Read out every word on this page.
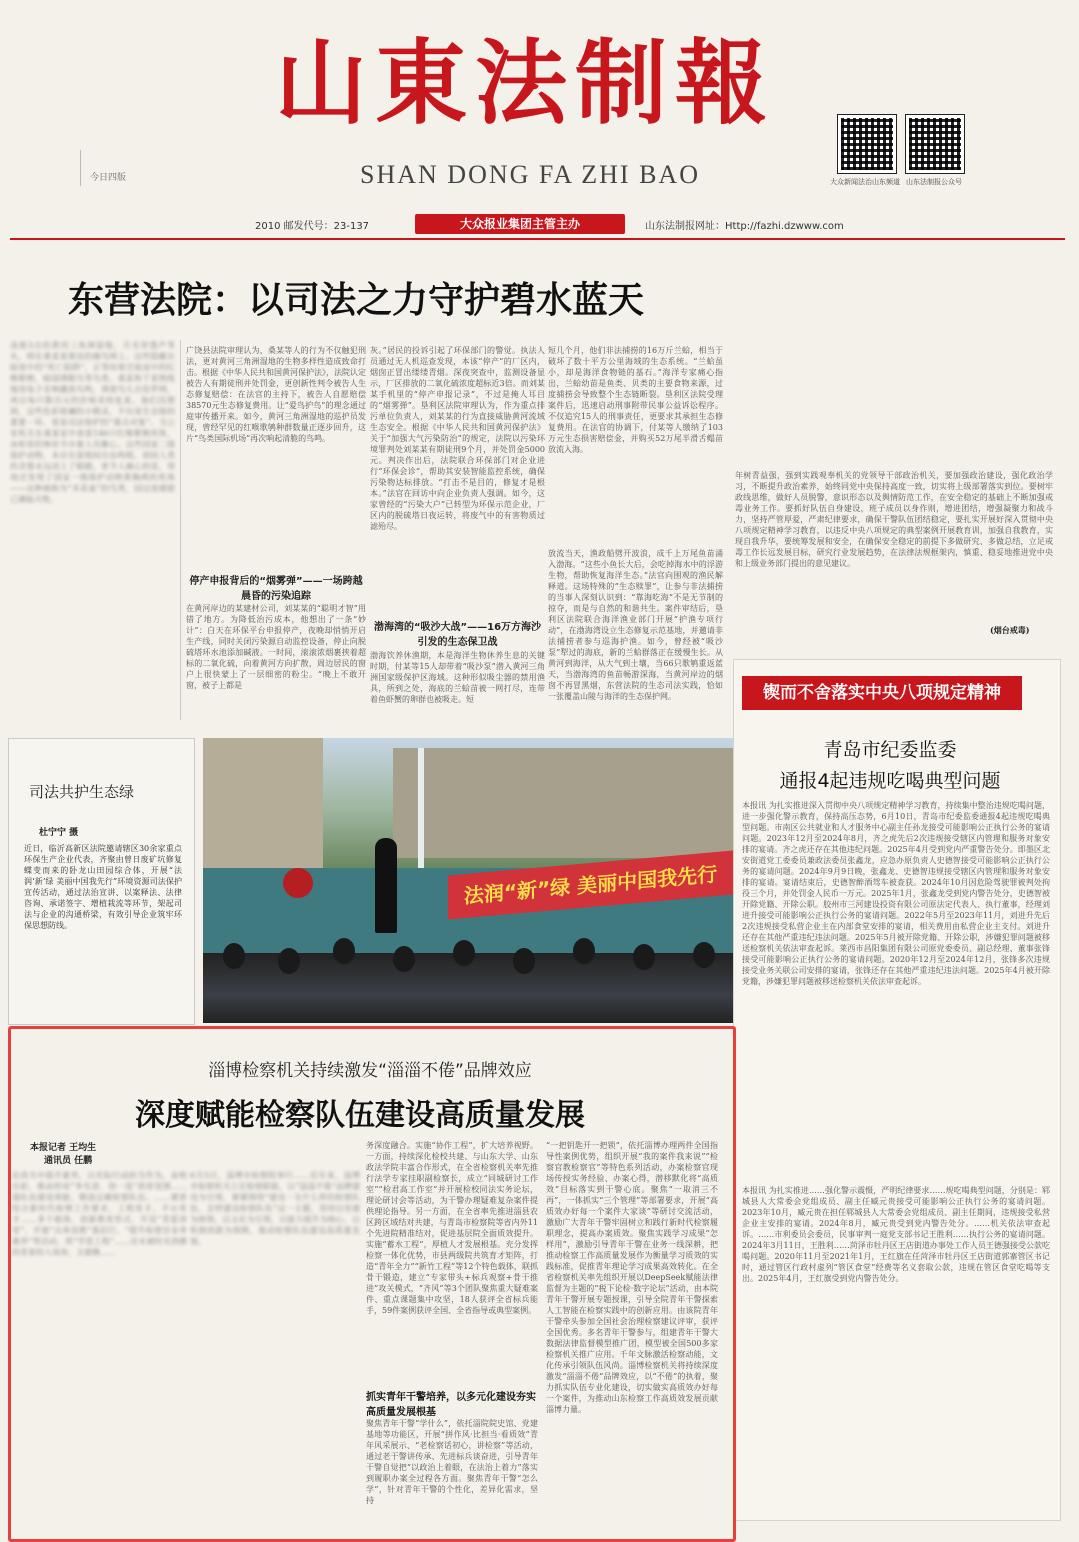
今日四版
山東法制報
SHAN DONG FA ZHI BAO	大众新闻法治山东频道 山东法制报公众号
2010 邮发代号：23-137	大众报业集团主管主办	山东法制报网址：Http://fazhi.dzwww.com
东营法院：以司法之力守护碧水蓝天
凌晨3点的黄河三角洲湿地，月光穿透芦苇丛，照在桑某某架设的捕鸟网上。这些隐蔽在暗夜中的“死亡陷阱”，正等待着迁徙途中的红喉歌鸲、暗绿绣眼鸟等鸟类。桑某和于某熟练地用电子音响播放鸟鸣，诱使鸟儿自投罗网，再以每只数百元的价格卖给张某。他们没想到，这些色彩斑斓的小精灵，不仅是生态链的重要一环，更是司法保护的“重点对象”。当公安机关在桑某家中查获146只红喉歌鸲死体，冰柜里的惨状令办案人员揪心。这些国家二级保护动物，本应在湿地间自由鸣唱，却因人类的贪婪永远闭上了眼睛。更令人痛心的是，现场还发现了国家一级保护动物黄胸鹀的死体——这种被称为“禾花雀”的鸟类，因过度捕猎已濒临灭绝。
广饶县法院审理认为，桑某等人的行为不仅触犯刑法，更对黄河三角洲湿地的生物多样性造成致命打击。根据《中华人民共和国黄河保护法》，法院认定被告人有期徒刑并处罚金，更创新性判令被告人生态修复赔偿：在法官的主持下，被告人自愿赔偿38570元生态修复费用。让“爱鸟护鸟”的理念通过庭审传播开来。如今，黄河三角洲湿地的巡护员发现，曾经罕见的红喉歌鸲种群数量正逐步回升，这片“鸟类国际机场”再次响起清脆的鸟鸣。
停产申报背后的“烟雾弹”——一场跨越晨昏的污染追踪
在黄河岸边的某建材公司，刘某某的“聪明才智”用错了地方。为降低治污成本，他想出了一条“妙计”：白天在环保平台申报停产，夜晚却悄悄开启生产线，同时关闭污染源自动监控设备，停止向脱硫塔环水池添加碱液。一时间，滚滚浓烟裹挟着超标的二氧化硫，向着黄河方向扩散，周边居民的窗户上很快蒙上了一层细密的粉尘。“晚上不敢开窗，被子上都是
灰。”居民的投诉引起了环保部门的警觉。执法人员通过无人机巡查发现，本该“停产”的厂区内，烟囱正冒出缕缕青烟。深夜突查中，监测设备显示，厂区排放的二氧化硫浓度超标近3倍。而刘某某手机里的“停产申报记录”，不过是掩人耳目的“烟雾弹”。垦利区法院审理认为，作为重点排污单位负责人，刘某某的行为直接威胁黄河流域生态安全。根据《中华人民共和国黄河保护法》关于“加强大气污染防治”的规定，法院以污染环境罪判处刘某某有期徒刑9个月，并处罚金5000元。判决作出后，法院联合环保部门对企业进行“环保会诊”，帮助其安装智能监控系统，确保污染物达标排放。“打击不是目的，修复才是根本。”法官在回访中向企业负责人强调。如今，这家曾经的“污染大户”已转型为环保示范企业，厂区内的脱硫塔日夜运转，将废气中的有害物质过滤殆尽。
渤海湾的“吸沙大战”——16万方海沙引发的生态保卫战
渤海饮养休渔期，本是海洋生物休养生息的关键时期，付某等15人却带着“吸沙泵”潜入黄河三角洲国家级保护区海域。这种形似吸尘器的禁用渔具，所到之处，海底的兰蛤苗被一网打尽，连带着鱼虾蟹的卵群也被吸走。短
短几个月，他们非法捕捞的16万斤兰蛤，相当于破坏了数十平方公里海域的生态系统。“兰蛤虽小，却是海洋食物链的基石。”海洋专家痛心指出，兰蛤幼苗是鱼类、贝类的主要食物来源，过度捕捞会导致整个生态链断裂。垦利区法院受理案件后，迅速启动刑事附带民事公益诉讼程序。不仅追究15人的刑事责任，更要求其承担生态修复费用。在法官的协调下，付某等人缴纳了103万元生态损害赔偿金，并购买52万尾半滑舌鳎苗放流入海。
放流当天，渔政船劈开波浪，成千上万尾鱼苗涌入渤海。“这些小鱼长大后，会吃掉海水中的浮游生物，帮助恢复海洋生态。”法官向围观的渔民解释道。这场特殊的“生态赎罪”，让参与非法捕捞的当事人深刻认识到：“靠海吃海”不是无节制的掠夺，而是与自然的和谐共生。案件审结后，垦利区法院联合海洋渔业部门开展“护渔专项行动”，在渤海湾设立生态修复示范基地，并邀请非法捕捞者参与巡海护渔。如今，曾经被“吸沙泵”犁过的海底，新的兰蛤群落正在缓慢生长。从黄河到海洋，从大气到土壤，当66只歌鸲重返蓝天，当渤海湾的鱼苗畅游深海，当黄河岸边的烟囱不再冒黑烟，东营法院的生态司法实践，恰如一张覆盖山陵与海洋的生态保护网。
年树青益强，强到实践观奉机关的党领导干部政治机关，要加强政治建设，强化政治学习，不断提升政治素养，始终同党中央保持高度一致，切实将上级部署落实到位。要树牢政线思维，做好人员脱警，意识形态以及舆情防范工作，在安全稳定的基础上不断加强戒毒业务工作。要抓好队伍自身建设，班子成员以身作则，增进团结，增强凝聚力和战斗力，坚持严管厚爱，严肃纪律要求，确保干警队伍团结稳定，要扎实开展好深入贯彻中央八项规定精神学习教育，以违反中央八项规定的典型案例开展教育训，加强自我教育，实现自我升华，要统筹发展和安全，在确保安全稳定的前提下多做研究、多做总结，立足戒毒工作长远发展目标，研究行业发展趋势，在法律法规框架内，慎重、稳妥地推进党中央和上级业务部门提出的意见建议。
(烟台戒毒)
司法共护生态绿
杜宁宁 摄
近日，临沂高新区法院邀请辖区30余家重点环保生产企业代表，齐聚由曾日废矿坑修复蝶变而来的卧龙山田园综合体，开展“法润‘新’绿 美丽中国我先行”环境资源司法保护宣传活动，通过法治宣讲、以案释法、法律咨询、承诺签字、增植栽流等环节，架起司法与企业的沟通桥梁，有效引导企业筑牢环保思想防线。
法润“新”绿 美丽中国我先行
锲而不舍落实中央八项规定精神
青岛市纪委监委
通报4起违规吃喝典型问题
本报讯 为扎实推进深入贯彻中央八项规定精神学习教育，持续集中整治违规吃喝问题，进一步强化警示教育，保持高压态势，6月10日，青岛市纪委监委通报4起违规吃喝典型问题。市南区公共就业和人才服务中心副主任孙龙接受可能影响公正执行公务的宴请问题。2023年12月至2024年8月，齐之虎先后2次违规接受辖区内管理和服务对象安排的宴请。齐之虎还存在其他违纪问题。2025年4月受到党内严重警告处分。即墨区北安街道党工委委员兼政法委员张鑫龙，应急办原负责人史德智接受可能影响公正执行公务的宴请问题。2024年9月9日晚，张鑫龙、史德智违规接受辖区内管理和服务对象安排的宴请。宴请结束后，史德智醉酒驾车被查获。2024年10月因危险驾驶罪被判处拘役三个月，并处罚金人民币一万元。2025年1月，张鑫龙受到党内警告处分，史德智被开除党籍、开除公职。胶州市三河建设投资有限公司原法定代表人、执行董事，经理刘进升接受可能影响公正执行公务的宴请问题。2022年5月至2023年11月，刘进升先后2次违规接受私营企业主在内部食堂安排的宴请，相关费用由私营企业主支付。刘进升还存在其他严重违纪违法问题。2025年5月被开除党籍、开除公职，涉嫌犯罪问题被移送检察机关依法审查起诉。莱西市昌阳集团有限公司原党委委员、副总经理、董事张锋接受可能影响公正执行公务的宴请问题。2020年12月至2024年12月，张锋多次违规接受业务关联公司安排的宴请，张锋还存在其他严重违纪违法问题。2025年4月被开除党籍，涉嫌犯罪问题被移送检察机关依法审查起诉。
本报讯 为扎实推进……强化警示震慑，严明纪律要求……规吃喝典型问题，分别是：郓城县人大常委会党组成员、副主任臧元贵接受可能影响公正执行公务的宴请问题。2023年10月，臧元贵在担任郓城县人大常委会党组成员、副主任期间，违规接受私营企业主安排的宴请。2024年8月，臧元贵受到党内警告处分。……机关依法审查起诉。……市利委员会委员，民事审判一庭党支部书记王胜利……执行公务的宴请问题。2024年3月11日，王胜利……菏泽市牡丹区王店街道办事处工作人员王德强接受公款吃喝问题。2020年11月至2021年1月，王红旗在任菏泽市牡丹区王店街道郭寨管区书记时，通过管区行政村虚列“管区食堂”经费等名义套取公款，违规在管区食堂吃喝等支出。2025年4月，王红旗受到党内警告处分。
淄博检察机关持续激发“淄淄不倦”品牌效应
深度赋能检察队伍建设高质量发展
本报记者 王均生
通讯员 任鹏
论改关中提开素养，以实际行动担当作为，奋相出彩，推动形成“争先进、创一流”浓厚氛围……强队伍建设效能，锻造过硬检察队伍。……紧密结合新时代检察工作要求，工程育才、平台育才……多个载体，创新教育形式，开设“青蓝讲堂”，开展“点单送教”基层行、“提升检察官业务素养”等活动，将“学思工程”……还未被时光消磨的青春的人场券，又感慨……
6月5日，淄博市检察院举行……近年来，淄博市检察机关立足检察职能，以“淄淄不倦”品牌建设为引领，紧紧围绕“建设一支什么样的检察队伍、怎样建设检察队伍”这一主题，坚持以党建为统领，以文化为引领，以能力提升为核心，以机制创新为保障，推动检察队伍建设高质量发展。
务深度融合。实施“协作工程”，扩大培养视野。一方面，持续深化检校共建、与山东大学、山东政法学院丰富合作形式，在全省检察机关率先推行法学专家挂职副检察长，成立“同城研讨工作室”“检君高工作室”并开展检校同法实务论坛，理论研讨会等活动，为干警办理疑难复杂案件提供理论指导。另一方面，在全省率先推进淄县农区跨区域结对共建，与青岛市检察院等省内外11个先进院精准结对，促进基层院全面质效提升。实施“蓄水工程”，厚植人才发展根基。充分发挥检察一体化优势，市县两级院共筑育才矩阵，打造“青年全力”“新竹工程”等12个特色载体，联抓骨干锻造，建立“专家带头+标兵观察+骨干推进”攻关模式，“齐风”等3个团队聚焦重大疑难案件、重点课题集中攻坚，18人获评全省标兵能手，59件案例获评全国、全省指导或典型案例。
抓实青年干警培养，以多元化建设夯实高质量发展根基
聚焦青年干警“学什么”，依托淄院院史馆、党建基地等功能区，开展“拼作风·比担当·看质效”青年风采展示、“老检察话初心，讲检察”等活动，通过老干警讲传承、先进标兵谈奋进，引导青年干警自觉把“以政治上着眼，在法治上着力”落实到履职办案全过程各方面。聚焦青年干警“怎么学”，针对青年干警的个性化，差异化需求，坚持
“一把钥匙开一把锁”，依托淄博办理两件全国指导性案例优势，组织开展“我的案件我来说”“检察官教检察官”等特色系列活动，办案检察官现场传授实务经验、办案心得，潜移默化将“高质效”目标落实到干警心底。聚焦“一取消三不再”，一体抓实“三个管理”等部署要求，开展“高质效办好每一个案件大家谈”等研讨交流活动，激励广大青年干警牢固树立和践行新时代检察履职理念，提高办案质效。聚焦实践学习成果“怎样用”，激励引导青年干警在业务一线深耕，把推动检察工作高质量发展作为衡量学习质效的实践标准，促推青年理论学习成果高效转化。在全省检察机关率先组织开展以DeepSeek赋能法律监督为主题的“税下论检·数字论坛”活动，由本院青年干警开展专题授课，引导全院青年干警探索人工智能在检察实践中的创新应用。由该院青年干警牵头参加全国社会治理检察建议评审，获评全国优秀。多名青年干警参与，组建青年干警大数据法律监督模型推广团，模型被全国500多家检察机关推广应用。千年文脉激活检察动能，文化传承引领队伍风尚。淄博检察机关将持续深度激发“淄淄不倦”品牌效应，以“不倦”的执着，聚力抓实队伍专业化建设，切实做实高质效办好每一个案件，为推动山东检察工作高质效发展贡献淄博力量。
